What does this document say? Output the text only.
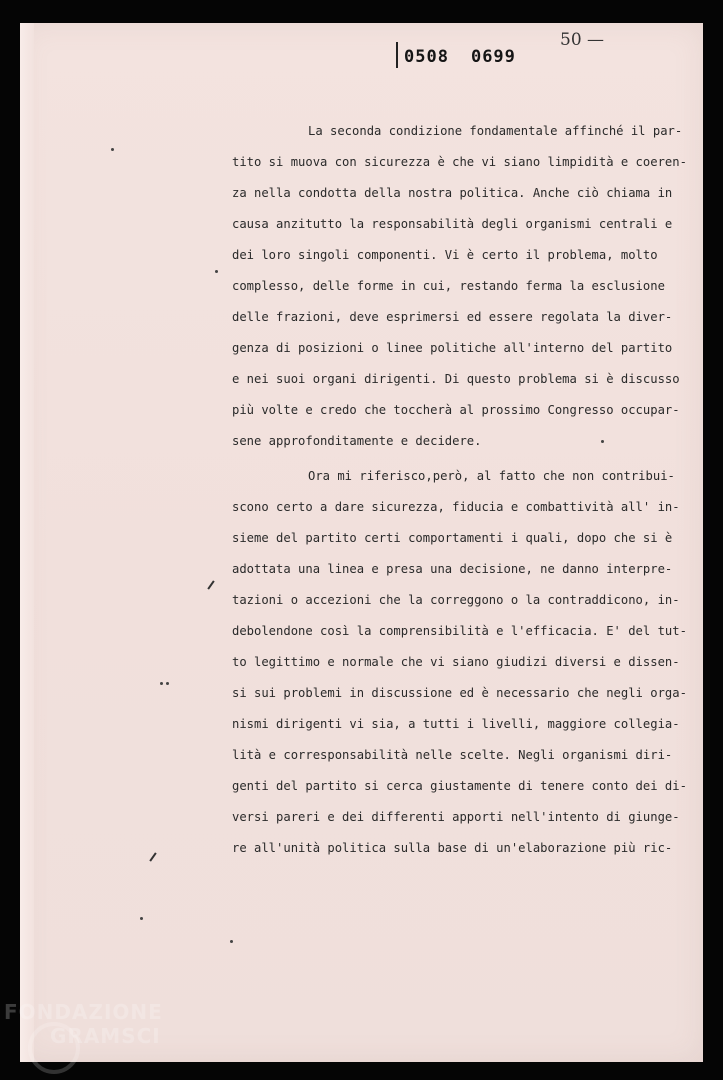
0508 0699
50 —
La seconda condizione fondamentale affinché il par-
tito si muova con sicurezza è che vi siano limpidità e coeren-
za nella condotta della nostra politica. Anche ciò chiama in
causa anzitutto la responsabilità degli organismi centrali e
dei loro singoli componenti. Vi è certo il problema, molto
complesso, delle forme in cui, restando ferma la esclusione
delle frazioni, deve esprimersi ed essere regolata la diver-
genza di posizioni o linee politiche all'interno del partito
e nei suoi organi dirigenti. Di questo problema si è discusso
più volte e credo che toccherà al prossimo Congresso occupar-
sene approfonditamente e decidere.
Ora mi riferisco,però, al fatto che non contribui-
scono certo a dare sicurezza, fiducia e combattività all' in-
sieme del partito certi comportamenti i quali, dopo che si è
adottata una linea e presa una decisione, ne danno interpre-
tazioni o accezioni che la correggono o la contraddicono, in-
debolendone così la comprensibilità e l'efficacia. E' del tut-
to legittimo e normale che vi siano giudizi diversi e dissen-
si sui problemi in discussione ed è necessario che negli orga-
nismi dirigenti vi sia, a tutti i livelli, maggiore collegia-
lità e corresponsabilità nelle scelte. Negli organismi diri-
genti del partito si cerca giustamente di tenere conto dei di-
versi pareri e dei differenti apporti nell'intento di giunge-
re all'unità politica sulla base di un'elaborazione più ric-
FONDAZIONE
GRAMSCI
